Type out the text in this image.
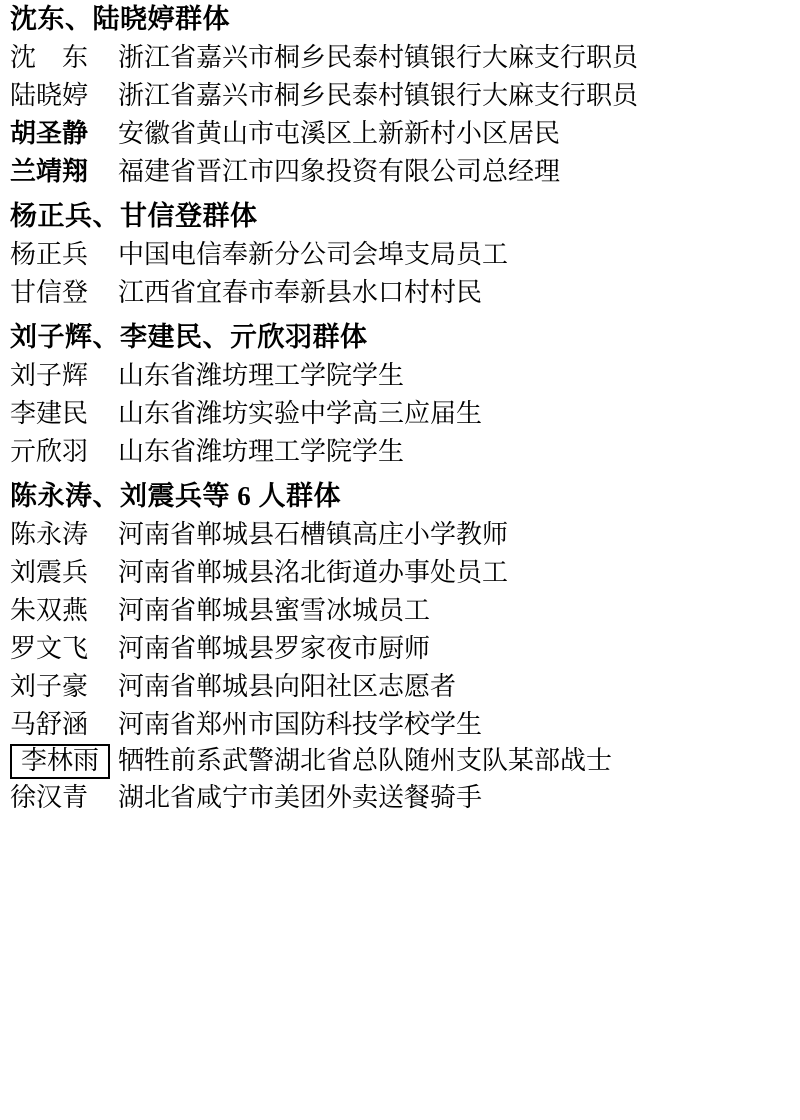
沈东、陆晓婷群体
沈　东	浙江省嘉兴市桐乡民泰村镇银行大麻支行职员
陆晓婷	浙江省嘉兴市桐乡民泰村镇银行大麻支行职员
胡圣静	安徽省黄山市屯溪区上新新村小区居民
兰靖翔	福建省晋江市四象投资有限公司总经理
杨正兵、甘信登群体
杨正兵	中国电信奉新分公司会埠支局员工
甘信登	江西省宜春市奉新县水口村村民
刘子辉、李建民、亓欣羽群体
刘子辉	山东省潍坊理工学院学生
李建民	山东省潍坊实验中学高三应届生
亓欣羽	山东省潍坊理工学院学生
陈永涛、刘震兵等 6 人群体
陈永涛	河南省郸城县石槽镇高庄小学教师
刘震兵	河南省郸城县洺北街道办事处员工
朱双燕	河南省郸城县蜜雪冰城员工
罗文飞	河南省郸城县罗家夜市厨师
刘子豪	河南省郸城县向阳社区志愿者
马舒涵	河南省郑州市国防科技学校学生
李林雨 牺牲前系武警湖北省总队随州支队某部战士
徐汉青	湖北省咸宁市美团外卖送餐骑手
